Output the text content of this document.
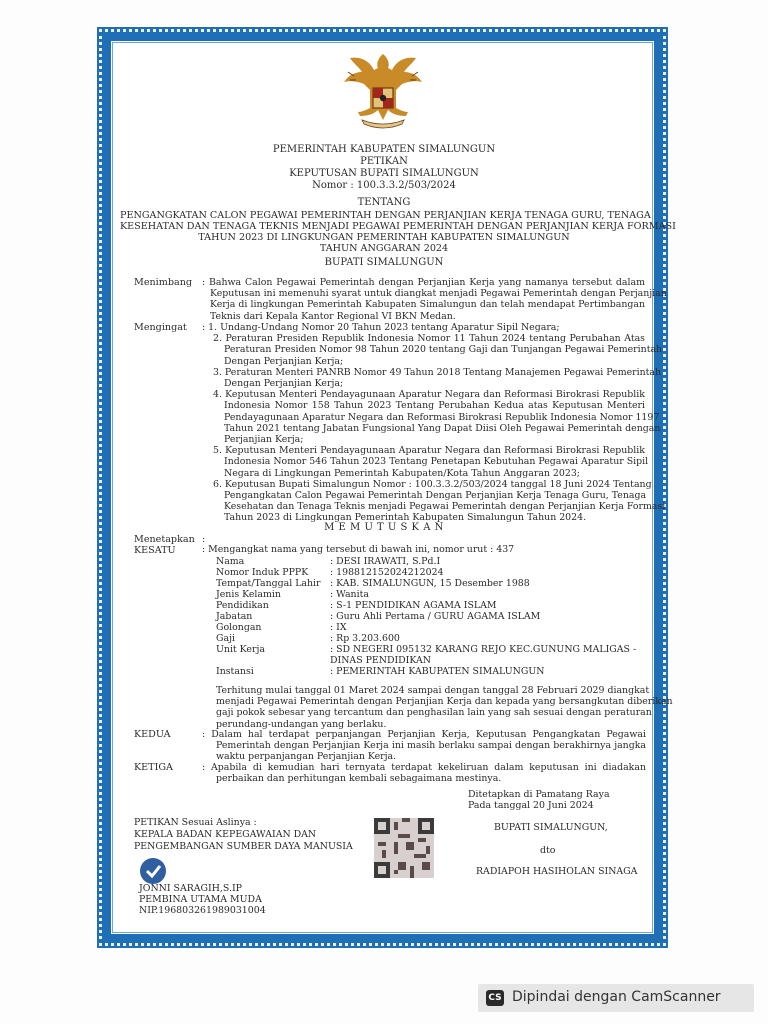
PEMERINTAH KABUPATEN SIMALUNGUN
PETIKAN
KEPUTUSAN BUPATI SIMALUNGUN
Nomor : 100.3.3.2/503/2024
TENTANG
PENGANGKATAN CALON PEGAWAI PEMERINTAH DENGAN PERJANJIAN KERJA TENAGA GURU, TENAGA
KESEHATAN DAN TENAGA TEKNIS MENJADI PEGAWAI PEMERINTAH DENGAN PERJANJIAN KERJA FORMASI
TAHUN 2023 DI LINGKUNGAN PEMERINTAH KABUPATEN SIMALUNGUN
TAHUN ANGGARAN 2024
BUPATI SIMALUNGUN
Menimbang : Bahwa Calon Pegawai Pemerintah dengan Perjanjian Kerja yang namanya tersebut dalam
Keputusan ini memenuhi syarat untuk diangkat menjadi Pegawai Pemerintah dengan Perjanjian
Kerja di lingkungan Pemerintah Kabupaten Simalungun dan telah mendapat Pertimbangan
Teknis dari Kepala Kantor Regional VI BKN Medan.
Mengingat : 1. Undang-Undang Nomor 20 Tahun 2023 tentang Aparatur Sipil Negara;
2. Peraturan Presiden Republik Indonesia Nomor 11 Tahun 2024 tentang Perubahan Atas
Peraturan Presiden Nomor 98 Tahun 2020 tentang Gaji dan Tunjangan Pegawai Pemerintah
Dengan Perjanjian Kerja;
3. Peraturan Menteri PANRB Nomor 49 Tahun 2018 Tentang Manajemen Pegawai Pemerintah
Dengan Perjanjian Kerja;
4. Keputusan Menteri Pendayagunaan Aparatur Negara dan Reformasi Birokrasi Republik
Indonesia Nomor 158 Tahun 2023 Tentang Perubahan Kedua atas Keputusan Menteri
Pendayagunaan Aparatur Negara dan Reformasi Birokrasi Republik Indonesia Nomor 1197
Tahun 2021 tentang Jabatan Fungsional Yang Dapat Diisi Oleh Pegawai Pemerintah dengan
Perjanjian Kerja;
5. Keputusan Menteri Pendayagunaan Aparatur Negara dan Reformasi Birokrasi Republik
Indonesia Nomor 546 Tahun 2023 Tentang Penetapan Kebutuhan Pegawai Aparatur Sipil
Negara di Lingkungan Pemerintah Kabupaten/Kota Tahun Anggaran 2023;
6. Keputusan Bupati Simalungun Nomor : 100.3.3.2/503/2024 tanggal 18 Juni 2024 Tentang
Pengangkatan Calon Pegawai Pemerintah Dengan Perjanjian Kerja Tenaga Guru, Tenaga
Kesehatan dan Tenaga Teknis menjadi Pegawai Pemerintah dengan Perjanjian Kerja Formasi
Tahun 2023 di Lingkungan Pemerintah Kabupaten Simalungun Tahun 2024.
M E M U T U S K A N
Menetapkan :
KESATU	: Mengangkat nama yang tersebut di bawah ini, nomor urut : 437
Nama	: DESI IRAWATI, S.Pd.I
Nomor Induk PPPK : 198812152024212024
Tempat/Tanggal Lahir : KAB. SIMALUNGUN, 15 Desember 1988
Jenis Kelamin	: Wanita
Pendidikan	: S-1 PENDIDIKAN AGAMA ISLAM
Jabatan	: Guru Ahli Pertama / GURU AGAMA ISLAM
Golongan	: IX
Gaji	: Rp 3.203.600
Unit Kerja	: SD NEGERI 095132 KARANG REJO KEC.GUNUNG MALIGAS -
DINAS PENDIDIKAN
Instansi	: PEMERINTAH KABUPATEN SIMALUNGUN
Terhitung mulai tanggal 01 Maret 2024 sampai dengan tanggal 28 Februari 2029 diangkat
menjadi Pegawai Pemerintah dengan Perjanjian Kerja dan kepada yang bersangkutan diberikan
gaji pokok sebesar yang tercantum dan penghasilan lain yang sah sesuai dengan peraturan
perundang-undangan yang berlaku.
KEDUA	: Dalam hal terdapat perpanjangan Perjanjian Kerja, Keputusan Pengangkatan Pegawai
Pemerintah dengan Perjanjian Kerja ini masih berlaku sampai dengan berakhirnya jangka
waktu perpanjangan Perjanjian Kerja.
KETIGA	: Apabila di kemudian hari ternyata terdapat kekeliruan dalam keputusan ini diadakan
perbaikan dan perhitungan kembali sebagaimana mestinya.
Ditetapkan di Pamatang Raya
Pada tanggal 20 Juni 2024
BUPATI SIMALUNGUN,
dto
RADIAPOH HASIHOLAN SINAGA
PETIKAN Sesuai Aslinya :
KEPALA BADAN KEPEGAWAIAN DAN
PENGEMBANGAN SUMBER DAYA MANUSIA
JONNI SARAGIH,S.IP
PEMBINA UTAMA MUDA
NIP.196803261989031004
CS Dipindai dengan CamScanner
